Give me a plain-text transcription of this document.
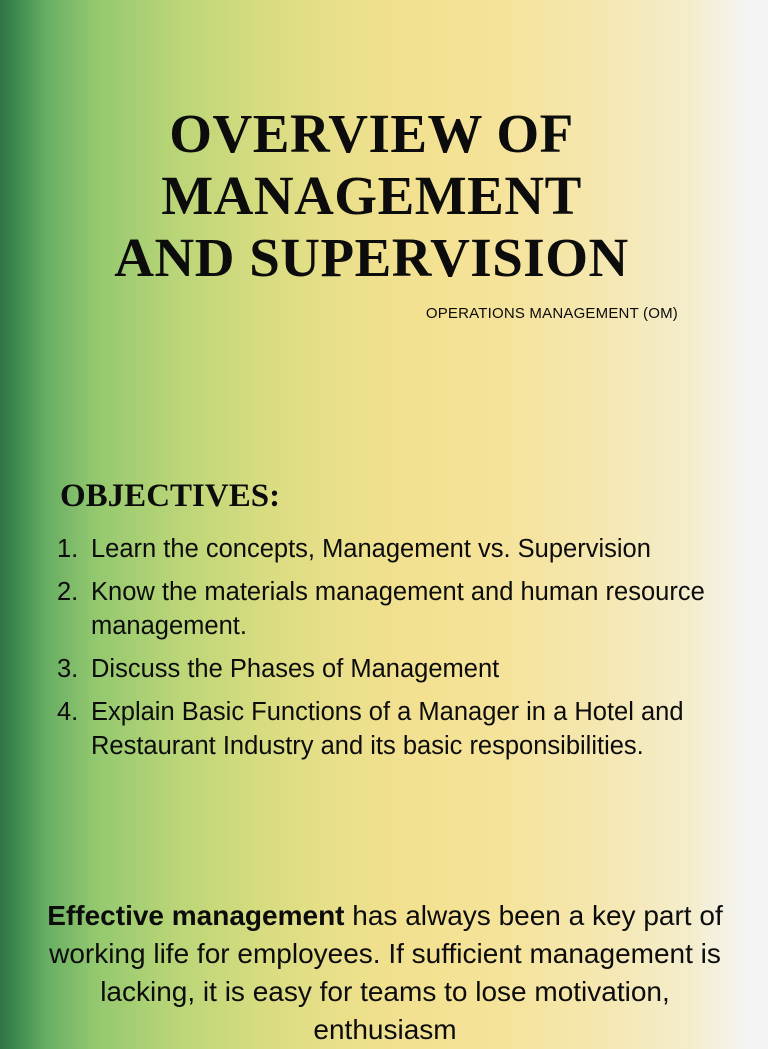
OVERVIEW OF
MANAGEMENT
AND SUPERVISION
OPERATIONS MANAGEMENT (OM)
OBJECTIVES:
1. Learn the concepts, Management vs. Supervision
2. Know the materials management and human resource management.
3. Discuss the Phases of Management
4. Explain Basic Functions of a Manager in a Hotel and Restaurant Industry and its basic responsibilities.

Effective management has always been a key part of working life for employees. If sufficient management is lacking, it is easy for teams to lose motivation, enthusiasm
